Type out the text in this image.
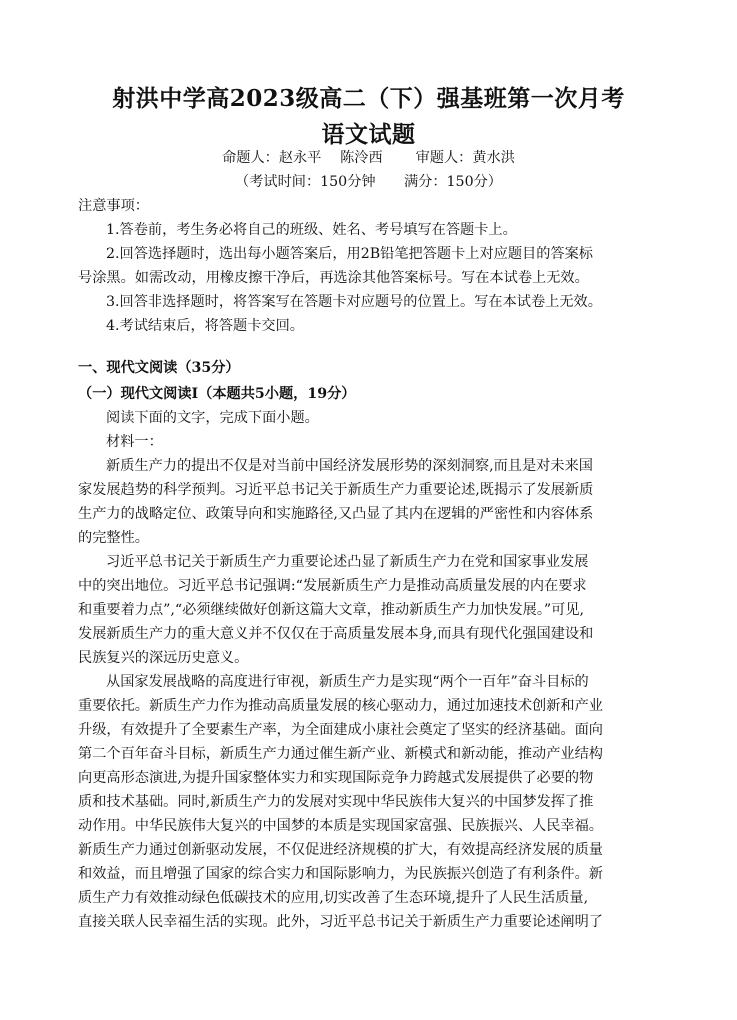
射洪中学高2023级高二（下）强基班第一次月考
语文试题
命题人：赵永平　 陈泠西　　 审题人：黄水洪
（考试时间：150分钟　　满分：150分）
注意事项：
1.答卷前，考生务必将自己的班级、姓名、考号填写在答题卡上。
2.回答选择题时，选出每小题答案后，用2B铅笔把答题卡上对应题目的答案标
号涂黑。如需改动，用橡皮擦干净后，再选涂其他答案标号。写在本试卷上无效。
3.回答非选择题时，将答案写在答题卡对应题号的位置上。写在本试卷上无效。
4.考试结束后，将答题卡交回。
一、现代文阅读（35分）
（一）现代文阅读Ⅰ（本题共5小题，19分）
阅读下面的文字，完成下面小题。
材料一：
新质生产力的提出不仅是对当前中国经济发展形势的深刻洞察,而且是对未来国
家发展趋势的科学预判。习近平总书记关于新质生产力重要论述,既揭示了发展新质
生产力的战略定位、政策导向和实施路径,又凸显了其内在逻辑的严密性和内容体系
的完整性。
习近平总书记关于新质生产力重要论述凸显了新质生产力在党和国家事业发展
中的突出地位。习近平总书记强调:“发展新质生产力是推动高质量发展的内在要求
和重要着力点”,“必须继续做好创新这篇大文章，推动新质生产力加快发展。”可见,
发展新质生产力的重大意义并不仅仅在于高质量发展本身,而具有现代化强国建设和
民族复兴的深远历史意义。
从国家发展战略的高度进行审视，新质生产力是实现“两个一百年”奋斗目标的
重要依托。新质生产力作为推动高质量发展的核心驱动力，通过加速技术创新和产业
升级，有效提升了全要素生产率，为全面建成小康社会奠定了坚实的经济基础。面向
第二个百年奋斗目标，新质生产力通过催生新产业、新模式和新动能，推动产业结构
向更高形态演进,为提升国家整体实力和实现国际竞争力跨越式发展提供了必要的物
质和技术基础。同时,新质生产力的发展对实现中华民族伟大复兴的中国梦发挥了推
动作用。中华民族伟大复兴的中国梦的本质是实现国家富强、民族振兴、人民幸福。
新质生产力通过创新驱动发展，不仅促进经济规模的扩大，有效提高经济发展的质量
和效益，而且增强了国家的综合实力和国际影响力，为民族振兴创造了有利条件。新
质生产力有效推动绿色低碳技术的应用,切实改善了生态环境,提升了人民生活质量,
直接关联人民幸福生活的实现。此外，习近平总书记关于新质生产力重要论述阐明了
